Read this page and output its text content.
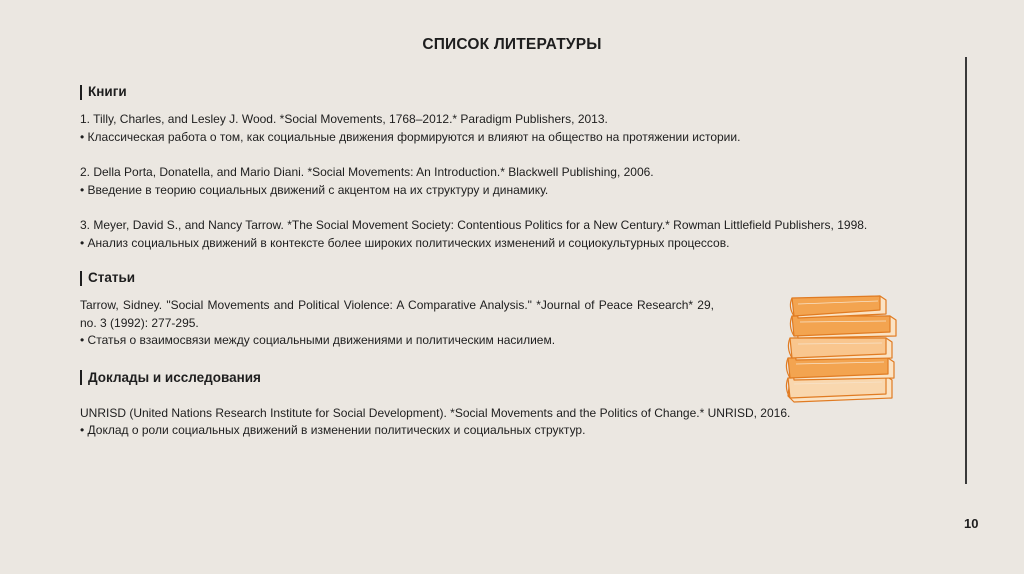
СПИСОК ЛИТЕРАТУРЫ
Книги
1. Tilly, Charles, and Lesley J. Wood. *Social Movements, 1768–2012.* Paradigm Publishers, 2013.
• Классическая работа о том, как социальные движения формируются и влияют на общество на протяжении истории.
2. Della Porta, Donatella, and Mario Diani. *Social Movements: An Introduction.* Blackwell Publishing, 2006.
• Введение в теорию социальных движений с акцентом на их структуру и динамику.
3. Meyer, David S., and Nancy Tarrow. *The Social Movement Society: Contentious Politics for a New Century.* Rowman Littlefield Publishers, 1998.
• Анализ социальных движений в контексте более широких политических изменений и социокультурных процессов.
Статьи
Tarrow, Sidney. "Social Movements and Political Violence: A Comparative Analysis." *Journal of Peace Research* 29, no. 3 (1992): 277-295.
• Статья о взаимосвязи между социальными движениями и политическим насилием.
Доклады и исследования
UNRISD (United Nations Research Institute for Social Development). *Social Movements and the Politics of Change.* UNRISD, 2016.
• Доклад о роли социальных движений в изменении политических и социальных структур.
10
